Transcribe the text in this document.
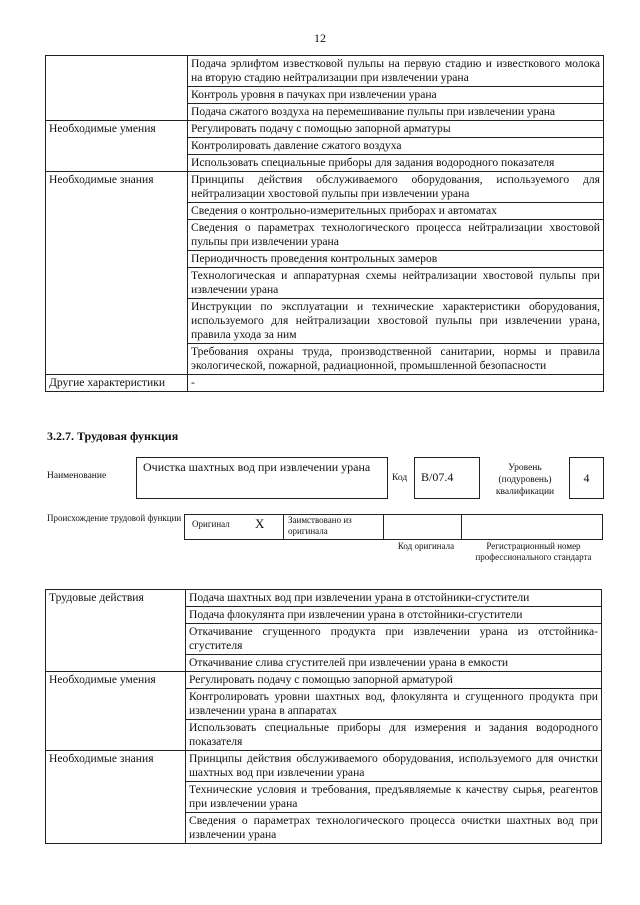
12
	Подача эрлифтом известковой пульпы на первую стадию и известкового молока на вторую стадию нейтрализации при извлечении урана
	Контроль уровня в пачуках при извлечении урана
	Подача сжатого воздуха на перемешивание пульпы при извлечении урана
Необходимые умения	Регулировать подачу с помощью запорной арматуры
	Контролировать давление сжатого воздуха
	Использовать специальные приборы для задания водородного показателя
Необходимые знания	Принципы действия обслуживаемого оборудования, используемого для нейтрализации хвостовой пульпы при извлечении урана
	Сведения о контрольно-измерительных приборах и автоматах
	Сведения о параметрах технологического процесса нейтрализации хвостовой пульпы при извлечении урана
	Периодичность проведения контрольных замеров
	Технологическая и аппаратурная схемы нейтрализации хвостовой пульпы при извлечении урана
	Инструкции по эксплуатации и технические характеристики оборудования, используемого для нейтрализации хвостовой пульпы при извлечении урана, правила ухода за ним
	Требования охраны труда, производственной санитарии, нормы и правила экологической, пожарной, радиационной, промышленной безопасности
Другие характеристики	-
3.2.7. Трудовая функция
Наименование
Очистка шахтных вод при извлечении урана
Код	B/07.4
Уровень (подуровень) квалификации
4
Происхождение трудовой функции
Оригинал X	Заимствовано из оригинала
Код оригинала	Регистрационный номер профессионального стандарта
Трудовые действия	Подача шахтных вод при извлечении урана в отстойники-сгустители
	Подача флокулянта при извлечении урана в отстойники-сгустители
	Откачивание сгущенного продукта при извлечении урана из отстойника-сгустителя
	Откачивание слива сгустителей при извлечении урана в емкости
Необходимые умения	Регулировать подачу с помощью запорной арматурой
	Контролировать уровни шахтных вод, флокулянта и сгущенного продукта при извлечении урана в аппаратах
	Использовать специальные приборы для измерения и задания водородного показателя
Необходимые знания	Принципы действия обслуживаемого оборудования, используемого для очистки шахтных вод при извлечении урана
	Технические условия и требования, предъявляемые к качеству сырья, реагентов при извлечении урана
	Сведения о параметрах технологического процесса очистки шахтных вод при извлечении урана
